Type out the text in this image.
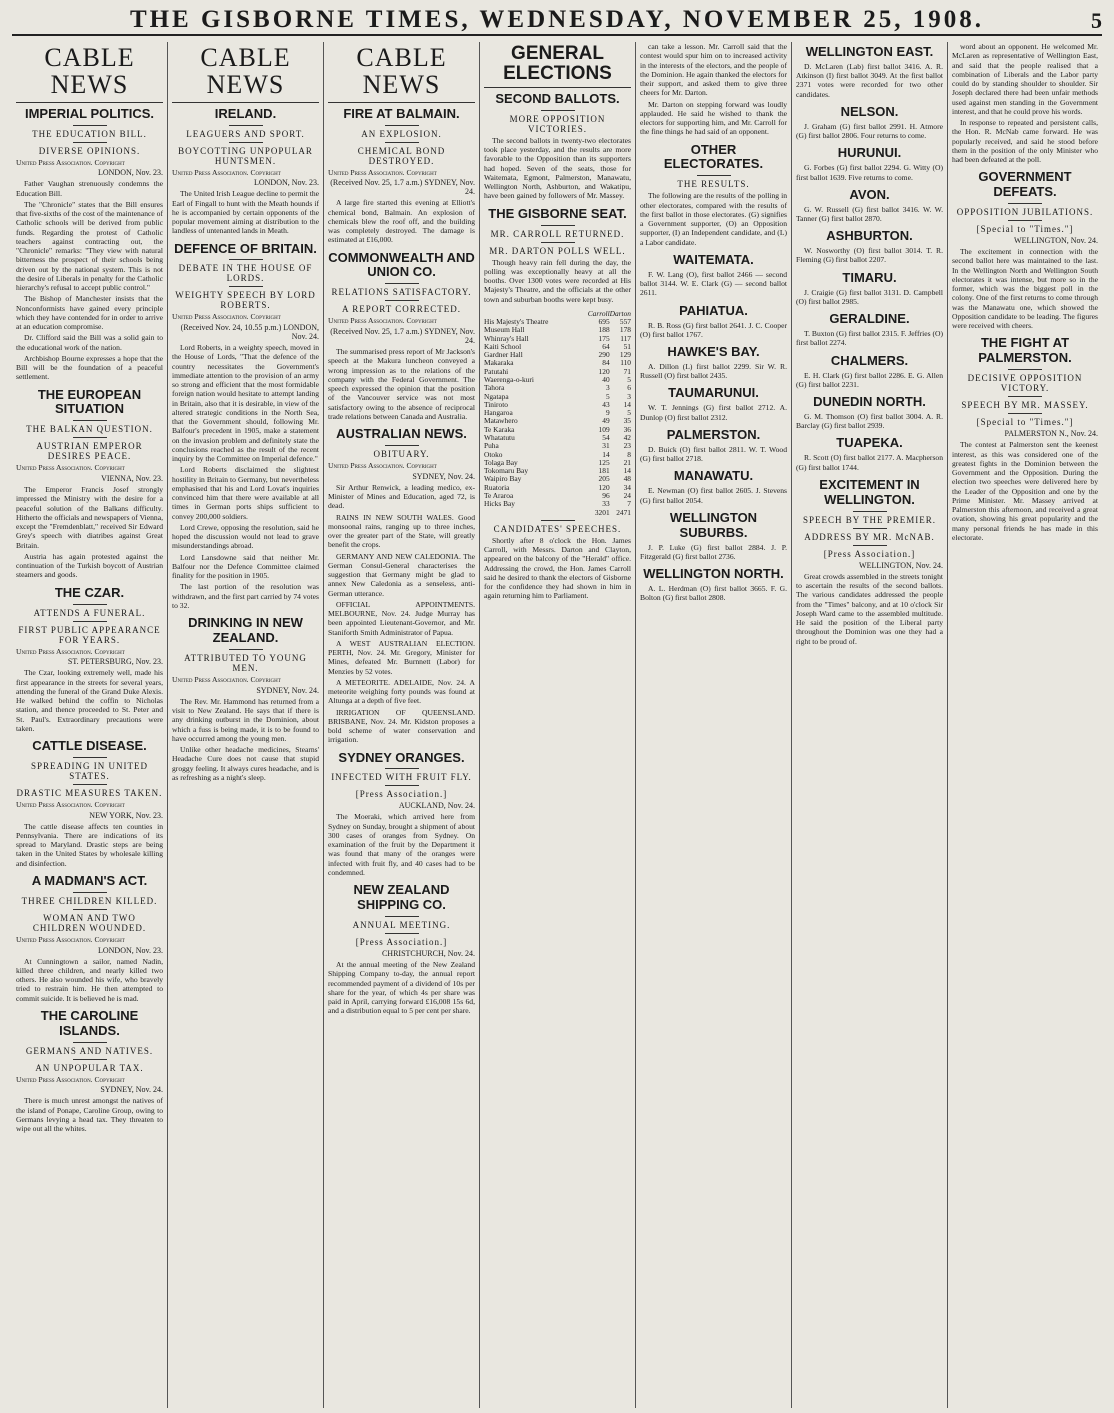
THE GISBORNE TIMES, WEDNESDAY, NOVEMBER 25, 1908.	5
CABLE NEWS
IMPERIAL POLITICS.
THE EDUCATION BILL.
DIVERSE OPINIONS.
United Press Association. Copyright
LONDON, Nov. 23.

Father Vaughan strenuously condemns the Education Bill.

The "Chronicle" states that the Bill ensures that five-sixths of the cost of the maintenance of Catholic schools will be derived from public funds. Regarding the protest of Catholic teachers against contracting out, the "Chronicle" remarks: "They view with natural bitterness the prospect of their schools being driven out by the national system. This is not the desire of Liberals in penalty for the Catholic hierarchy's refusal to accept public control."

The Bishop of Manchester insists that the Nonconformists have gained every principle which they have contended for in order to arrive at an education compromise.

Dr. Clifford said the Bill was a solid gain to the educational work of the nation.

Archbishop Bourne expresses a hope that the Bill will be the foundation of a peaceful settlement.

THE EUROPEAN SITUATION
THE BALKAN QUESTION.
AUSTRIAN EMPEROR DESIRES PEACE.
United Press Association. Copyright
VIENNA, Nov. 23.

The Emperor Francis Josef strongly impressed the Ministry with the desire for a peaceful solution of the Balkans difficulty. Hitherto the officials and newspapers of Vienna, except the "Fremdenblatt," received Sir Edward Grey's speech with diatribes against Great Britain.

Austria has again protested against the continuation of the Turkish boycott of Austrian steamers and goods.

THE CZAR.
ATTENDS A FUNERAL.
FIRST PUBLIC APPEARANCE FOR YEARS.
United Press Association. Copyright
ST. PETERSBURG, Nov. 23.

The Czar, looking extremely well, made his first appearance in the streets for several years, attending the funeral of the Grand Duke Alexis. He walked behind the coffin to Nicholas station, and thence proceeded to St. Peter and St. Paul's. Extraordinary precautions were taken.

CATTLE DISEASE.
SPREADING IN UNITED STATES.
DRASTIC MEASURES TAKEN.
United Press Association. Copyright
NEW YORK, Nov. 23.

The cattle disease affects ten counties in Pennsylvania. There are indications of its spread to Maryland. Drastic steps are being taken in the United States by wholesale killing and disinfection.

A MADMAN'S ACT.
THREE CHILDREN KILLED.
WOMAN AND TWO CHILDREN WOUNDED.
United Press Association. Copyright
LONDON, Nov. 23.

At Cunningtown a sailor, named Nadin, killed three children, and nearly killed two others. He also wounded his wife, who bravely tried to restrain him. He then attempted to commit suicide. It is believed he is mad.

THE CAROLINE ISLANDS.
GERMANS AND NATIVES.
AN UNPOPULAR TAX.
United Press Association. Copyright
SYDNEY, Nov. 24.

There is much unrest amongst the natives of the island of Ponape, Caroline Group, owing to Germans levying a head tax. They threaten to wipe out all the whites.

CABLE NEWS
IRELAND.
LEAGUERS AND SPORT.
BOYCOTTING UNPOPULAR HUNTSMEN.
United Press Association. Copyright
LONDON, Nov. 23.

The United Irish League decline to permit the Earl of Fingall to hunt with the Meath hounds if he is accompanied by certain opponents of the popular movement aiming at distribution to the landless of untenanted lands in Meath.

DEFENCE OF BRITAIN.
DEBATE IN THE HOUSE OF LORDS.
WEIGHTY SPEECH BY LORD ROBERTS.
United Press Association. Copyright
(Received Nov. 24, 10.55 p.m.) LONDON, Nov. 24.

Lord Roberts, in a weighty speech, moved in the House of Lords, "That the defence of the country necessitates the Government's immediate attention to the provision of an army so strong and efficient that the most formidable foreign nation would hesitate to attempt landing in Britain, also that it is desirable, in view of the altered strategic conditions in the North Sea, that the Government should, following Mr. Balfour's precedent in 1905, make a statement on the invasion problem and definitely state the conclusions reached as the result of the recent inquiry by the Committee on Imperial defence."

Lord Roberts disclaimed the slightest hostility in Britain to Germany, but nevertheless emphasised that his and Lord Lovat's inquiries convinced him that there were available at all times in German ports ships sufficient to convey 200,000 soldiers.

Lord Crewe, opposing the resolution, said he hoped the discussion would not lead to grave misunderstandings abroad.

Lord Lansdowne said that neither Mr. Balfour nor the Defence Committee claimed finality for the position in 1905.

The last portion of the resolution was withdrawn, and the first part carried by 74 votes to 32.

DRINKING IN NEW ZEALAND.
ATTRIBUTED TO YOUNG MEN.
United Press Association. Copyright
SYDNEY, Nov. 24.

The Rev. Mr. Hammond has returned from a visit to New Zealand. He says that if there is any drinking outburst in the Dominion, about which a fuss is being made, it is to be found to have occurred among the young men.

Unlike other headache medicines, Stearns' Headache Cure does not cause that stupid groggy feeling. It always cures headache, and is as refreshing as a night's sleep.

CABLE NEWS
FIRE AT BALMAIN.
AN EXPLOSION.
CHEMICAL BOND DESTROYED.
United Press Association. Copyright
(Received Nov. 25, 1.7 a.m.) SYDNEY, Nov. 24.

A large fire started this evening at Elliott's chemical bond, Balmain. An explosion of chemicals blew the roof off, and the building was completely destroyed. The damage is estimated at £16,000.

COMMONWEALTH AND UNION CO.
RELATIONS SATISFACTORY.
A REPORT CORRECTED.
United Press Association. Copyright
(Received Nov. 25, 1.7 a.m.) SYDNEY, Nov. 24.

The summarised press report of Mr Jackson's speech at the Makura luncheon conveyed a wrong impression as to the relations of the company with the Federal Government. The speech expressed the opinion that the position of the Vancouver service was not most satisfactory owing to the absence of reciprocal trade relations between Canada and Australia.

AUSTRALIAN NEWS.
OBITUARY.
United Press Association. Copyright
SYDNEY, Nov. 24.

Sir Arthur Renwick, a leading medico, ex-Minister of Mines and Education, aged 72, is dead.

RAINS IN NEW SOUTH WALES. Good monsoonal rains, ranging up to three inches, over the greater part of the State, will greatly benefit the crops.

GERMANY AND NEW CALEDONIA. The German Consul-General characterises the suggestion that Germany might be glad to annex New Caledonia as a senseless, anti-German utterance.

OFFICIAL APPOINTMENTS. MELBOURNE, Nov. 24. Judge Murray has been appointed Lieutenant-Governor, and Mr. Staniforth Smith Administrator of Papua.

A WEST AUSTRALIAN ELECTION. PERTH, Nov. 24. Mr. Gregory, Minister for Mines, defeated Mr. Burnnett (Labor) for Menzies by 52 votes.

A METEORITE. ADELAIDE, Nov. 24. A meteorite weighing forty pounds was found at Altunga at a depth of five feet.

IRRIGATION OF QUEENSLAND. BRISBANE, Nov. 24. Mr. Kidston proposes a bold scheme of water conservation and irrigation.

SYDNEY ORANGES.
INFECTED WITH FRUIT FLY.
[Press Association.]
AUCKLAND, Nov. 24.

The Moeraki, which arrived here from Sydney on Sunday, brought a shipment of about 300 cases of oranges from Sydney. On examination of the fruit by the Department it was found that many of the oranges were infected with fruit fly, and 40 cases had to be condemned.

NEW ZEALAND SHIPPING CO.
ANNUAL MEETING.
[Press Association.]
CHRISTCHURCH, Nov. 24.

At the annual meeting of the New Zealand Shipping Company to-day, the annual report recommended payment of a dividend of 10s per share for the year, of which 4s per share was paid in April, carrying forward £16,008 15s 6d, and a distribution equal to 5 per cent per share.

GENERAL ELECTIONS
SECOND BALLOTS.
MORE OPPOSITION VICTORIES.

The second ballots in twenty-two electorates took place yesterday, and the results are more favorable to the Opposition than its supporters had hoped. Seven of the seats, those for Waitemata, Egmont, Palmerston, Manawatu, Wellington North, Ashburton, and Wakatipu, have been gained by followers of Mr. Massey.

THE GISBORNE SEAT.
MR. CARROLL RETURNED.
MR. DARTON POLLS WELL.

Though heavy rain fell during the day, the polling was exceptionally heavy at all the booths. Over 1300 votes were recorded at His Majesty's Theatre, and the officials at the other town and suburban booths were kept busy.

	Carroll	Darton
His Majesty's Theatre	695	557
Museum Hall	188	178
Whinray's Hall	175	117
Kaiti School	64	51
Gardner Hall	290	129
Makaraka	84	110
Patutahi	120	71
Waerenga-o-kuri	40	5
Tahora	3	6
Ngatapa	5	3
Tiniroto	43	14
Hangaroa	9	5
Matawhero	49	35
Te Karaka	109	36
Whatatutu	54	42
Puha	31	23
Otoko	14	8
Tolaga Bay	125	21
Tokomaru Bay	181	14
Waipiro Bay	205	48
Ruatoria	120	34
Te Araroa	96	24
Hicks Bay	33	7
	3201	2471
CANDIDATES' SPEECHES.

Shortly after 8 o'clock the Hon. James Carroll, with Messrs. Darton and Clayton, appeared on the balcony of the "Herald" office. Addressing the crowd, the Hon. James Carroll said he desired to thank the electors of Gisborne for the confidence they had shown in him in again returning him to Parliament.

can take a lesson. Mr. Carroll said that the contest would spur him on to increased activity in the interests of the electors, and the people of the Dominion. He again thanked the electors for their support, and asked them to give three cheers for Mr. Darton.

Mr. Darton on stepping forward was loudly applauded. He said he wished to thank the electors for supporting him, and Mr. Carroll for the fine things he had said of an opponent.

OTHER ELECTORATES.
THE RESULTS.

The following are the results of the polling in other electorates, compared with the results of the first ballot in those electorates. (G) signifies a Government supporter, (O) an Opposition supporter, (I) an Independent candidate, and (L) a Labor candidate.

WAITEMATA.

F. W. Lang (O), first ballot 2466 — second ballot 3144. W. E. Clark (G) — second ballot 2611.

PAHIATUA.

R. B. Ross (G) first ballot 2641. J. C. Cooper (O) first ballot 1767.

HAWKE'S BAY.

A. Dillon (L) first ballot 2299. Sir W. R. Russell (O) first ballot 2435.

TAUMARUNUI.

W. T. Jennings (G) first ballot 2712. A. Dunlop (O) first ballot 2312.

PALMERSTON.

D. Buick (O) first ballot 2811. W. T. Wood (G) first ballot 2718.

MANAWATU.

E. Newman (O) first ballot 2605. J. Stevens (G) first ballot 2054.

WELLINGTON SUBURBS.

J. P. Luke (G) first ballot 2884. J. P. Fitzgerald (G) first ballot 2736.

WELLINGTON NORTH.

A. L. Herdman (O) first ballot 3665. F. G. Bolton (G) first ballot 2808.

WELLINGTON EAST.

D. McLaren (Lab) first ballot 3416. A. R. Atkinson (I) first ballot 3049. At the first ballot 2371 votes were recorded for two other candidates.

NELSON.

J. Graham (G) first ballot 2991. H. Atmore (G) first ballot 2806. Four returns to come.

HURUNUI.

G. Forbes (G) first ballot 2294. G. Witty (O) first ballot 1639. Five returns to come.

AVON.

G. W. Russell (G) first ballot 3416. W. W. Tanner (G) first ballot 2870.

ASHBURTON.

W. Nosworthy (O) first ballot 3014. T. R. Fleming (G) first ballot 2207.

TIMARU.

J. Craigie (G) first ballot 3131. D. Campbell (O) first ballot 2985.

GERALDINE.

T. Buxton (G) first ballot 2315. F. Jeffries (O) first ballot 2274.

CHALMERS.

E. H. Clark (G) first ballot 2286. E. G. Allen (G) first ballot 2231.

DUNEDIN NORTH.

G. M. Thomson (O) first ballot 3004. A. R. Barclay (G) first ballot 2939.

TUAPEKA.

R. Scott (O) first ballot 2177. A. Macpherson (G) first ballot 1744.

EXCITEMENT IN WELLINGTON.
SPEECH BY THE PREMIER.
ADDRESS BY MR. McNAB.
[Press Association.]
WELLINGTON, Nov. 24.

Great crowds assembled in the streets tonight to ascertain the results of the second ballots. The various candidates addressed the people from the "Times" balcony, and at 10 o'clock Sir Joseph Ward came to the assembled multitude. He said the position of the Liberal party throughout the Dominion was one they had a right to be proud of.

word about an opponent. He welcomed Mr. McLaren as representative of Wellington East, and said that the people realised that a combination of Liberals and the Labor party could do by standing shoulder to shoulder. Sir Joseph declared there had been unfair methods used against men standing in the Government interest, and that he could prove his words.

In response to repeated and persistent calls, the Hon. R. McNab came forward. He was popularly received, and said he stood before them in the position of the only Minister who had been defeated at the poll.

GOVERNMENT DEFEATS.
OPPOSITION JUBILATIONS.
[Special to "Times."]
WELLINGTON, Nov. 24.

The excitement in connection with the second ballot here was maintained to the last. In the Wellington North and Wellington South electorates it was intense, but more so in the former, which was the biggest poll in the colony. One of the first returns to come through was the Manawatu one, which showed the Opposition candidate to be leading. The figures were received with cheers.

THE FIGHT AT PALMERSTON.
DECISIVE OPPOSITION VICTORY.
SPEECH BY MR. MASSEY.
[Special to "Times."]
PALMERSTON N., Nov. 24.

The contest at Palmerston sent the keenest interest, as this was considered one of the greatest fights in the Dominion between the Government and the Opposition. During the election two speeches were delivered here by the Leader of the Opposition and one by the Prime Minister. Mr. Massey arrived at Palmerston this afternoon, and received a great ovation, showing his great popularity and the many personal friends he has made in this electorate.
